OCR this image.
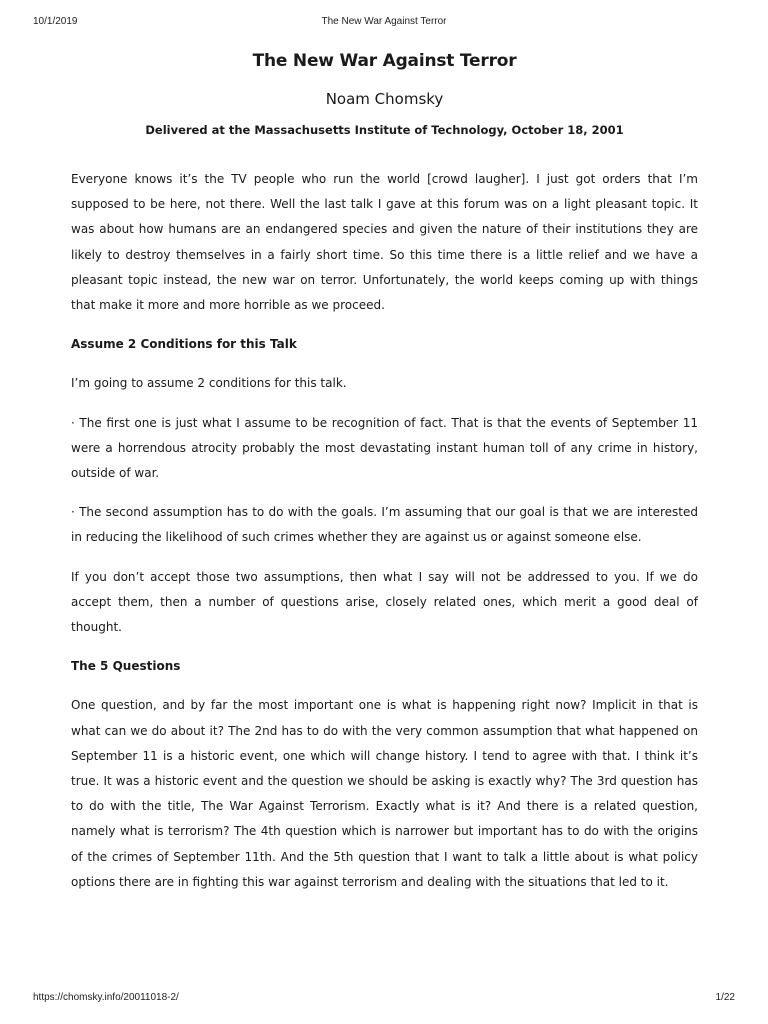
10/1/2019	The New War Against Terror
The New War Against Terror
Noam Chomsky
Delivered at the Massachusetts Institute of Technology, October 18, 2001

Everyone knows it’s the TV people who run the world [crowd laugher]. I just got orders that I’m supposed to be here, not there. Well the last talk I gave at this forum was on a light pleasant topic. It was about how humans are an endangered species and given the nature of their institutions they are likely to destroy themselves in a fairly short time. So this time there is a little relief and we have a pleasant topic instead, the new war on terror. Unfortunately, the world keeps coming up with things that make it more and more horrible as we proceed.

Assume 2 Conditions for this Talk

I’m going to assume 2 conditions for this talk.

· The first one is just what I assume to be recognition of fact. That is that the events of September 11 were a horrendous atrocity probably the most devastating instant human toll of any crime in history, outside of war.

· The second assumption has to do with the goals. I’m assuming that our goal is that we are interested in reducing the likelihood of such crimes whether they are against us or against someone else.

If you don’t accept those two assumptions, then what I say will not be addressed to you. If we do accept them, then a number of questions arise, closely related ones, which merit a good deal of thought.

The 5 Questions

One question, and by far the most important one is what is happening right now? Implicit in that is what can we do about it? The 2nd has to do with the very common assumption that what happened on September 11 is a historic event, one which will change history. I tend to agree with that. I think it’s true. It was a historic event and the question we should be asking is exactly why? The 3rd question has to do with the title, The War Against Terrorism. Exactly what is it? And there is a related question, namely what is terrorism? The 4th question which is narrower but important has to do with the origins of the crimes of September 11th. And the 5th question that I want to talk a little about is what policy options there are in fighting this war against terrorism and dealing with the situations that led to it.

https://chomsky.info/20011018-2/	1/22
